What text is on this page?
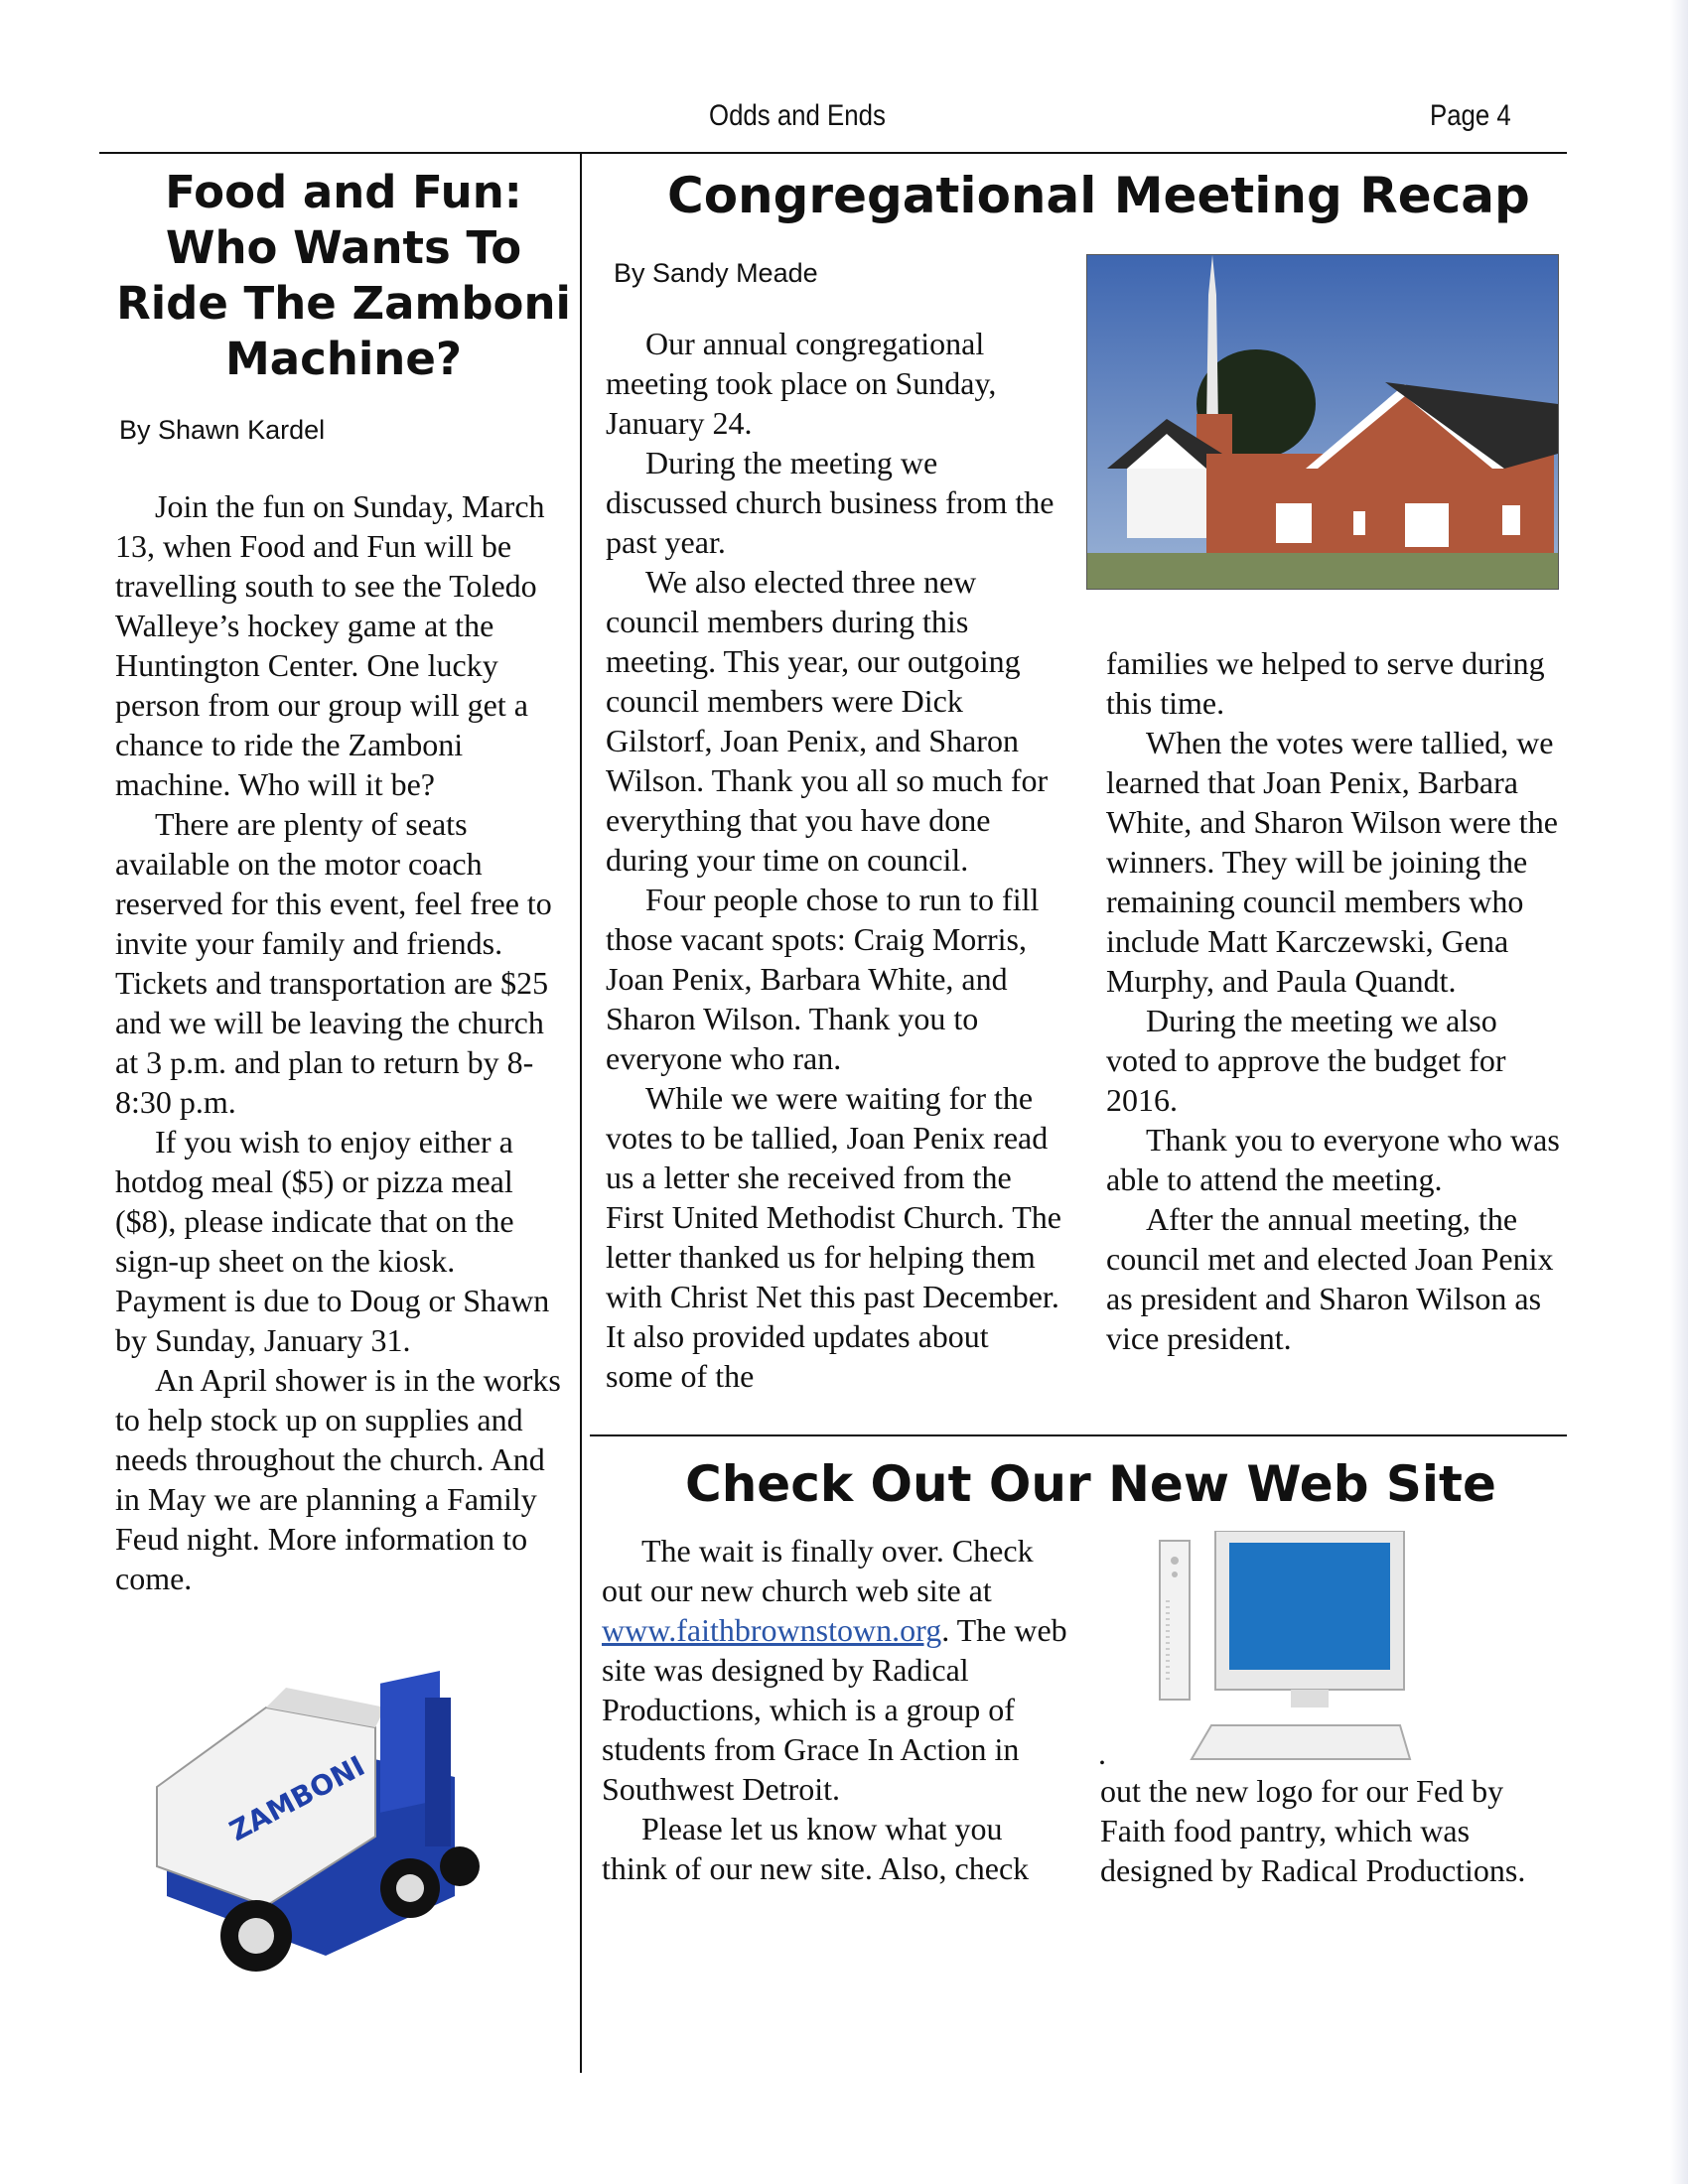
Odds and Ends	Page 4
Food and Fun:
Who Wants To
Ride The Zamboni
Machine?
By Shawn Kardel

Join the fun on Sunday, March 13, when Food and Fun will be travelling south to see the Toledo Walleye’s hockey game at the Huntington Center. One lucky person from our group will get a chance to ride the Zamboni machine. Who will it be?

There are plenty of seats available on the motor coach reserved for this event, feel free to invite your family and friends. Tickets and transportation are $25 and we will be leaving the church at 3 p.m. and plan to return by 8-8:30 p.m.

If you wish to enjoy either a hotdog meal ($5) or pizza meal ($8), please indicate that on the sign-up sheet on the kiosk. Payment is due to Doug or Shawn by Sunday, January 31.

An April shower is in the works to help stock up on supplies and needs throughout the church. And in May we are planning a Family Feud night. More information to come.

ZAMBONI
Congregational Meeting Recap
By Sandy Meade

Our annual congregational meeting took place on Sunday, January 24.

During the meeting we discussed church business from the past year.

We also elected three new council members during this meeting. This year, our outgoing council members were Dick Gilstorf, Joan Penix, and Sharon Wilson. Thank you all so much for everything that you have done during your time on council.

Four people chose to run to fill those vacant spots: Craig Morris, Joan Penix, Barbara White, and Sharon Wilson. Thank you to everyone who ran.

While we were waiting for the votes to be tallied, Joan Penix read us a letter she received from the First United Methodist Church. The letter thanked us for helping them with Christ Net this past December. It also provided updates about some of the

families we helped to serve during this time.

When the votes were tallied, we learned that Joan Penix, Barbara White, and Sharon Wilson were the winners. They will be joining the remaining council members who include Matt Karczewski, Gena Murphy, and Paula Quandt.

During the meeting we also voted to approve the budget for 2016.

Thank you to everyone who was able to attend the meeting.

After the annual meeting, the council met and elected Joan Penix as president and Sharon Wilson as vice president.

Check Out Our New Web Site

The wait is finally over. Check out our new church web site at www.faithbrownstown.org. The web site was designed by Radical Productions, which is a group of students from Grace In Action in Southwest Detroit.

Please let us know what you think of our new site. Also, check

.

out the new logo for our Fed by Faith food pantry, which was designed by Radical Productions.
